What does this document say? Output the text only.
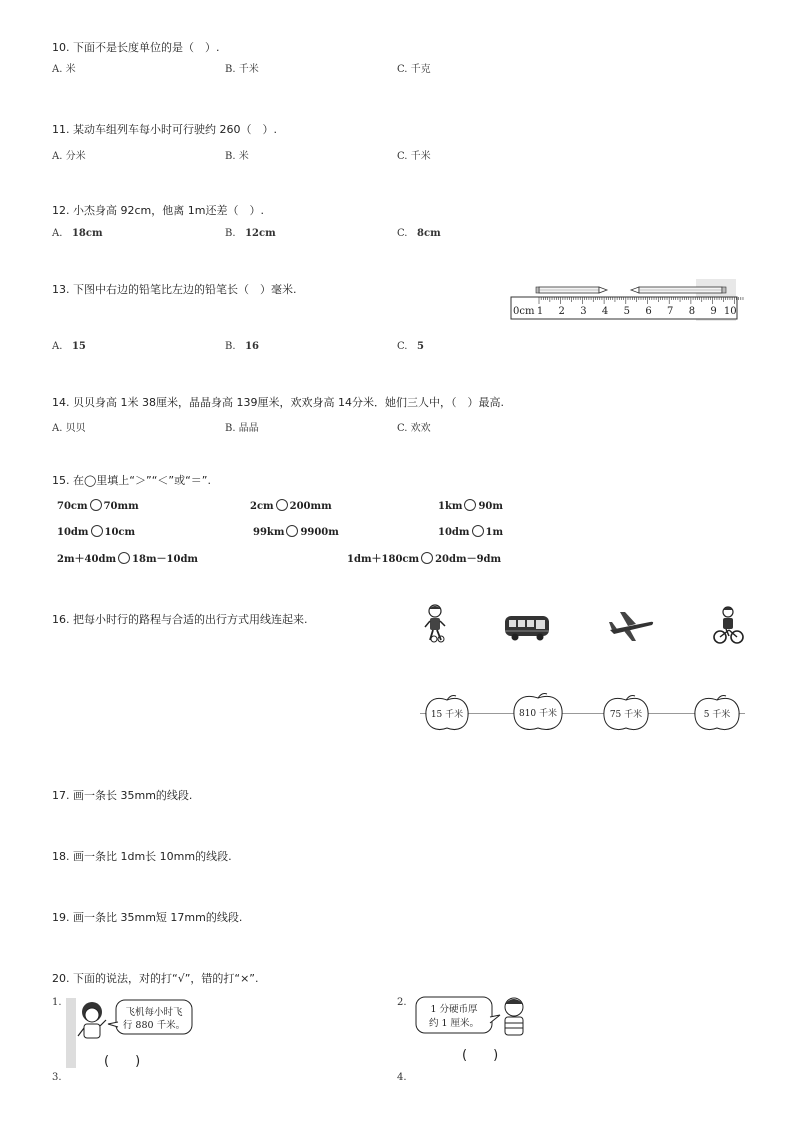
10. 下面不是长度单位的是（　）.
A. 米	B. 千米	C. 千克
11. 某动车组列车每小时可行驶约 260（　）.
A. 分米	B. 米	C. 千米
12. 小杰身高 92cm，他离 1m还差（　）.
A. 18cm	B. 12cm	C. 8cm
13. 下图中右边的铅笔比左边的铅笔长（　）毫米.
0cm 1 2 3 4 5 6 7 8 9 10
A. 15	B. 16	C. 5
14. 贝贝身高 1米 38厘米，晶晶身高 139厘米，欢欢身高 14分米．她们三人中，（　）最高.
A. 贝贝	B. 晶晶	C. 欢欢
15. 在◯里填上“＞”“＜”或“＝”.
70cm 70mm	2cm 200mm	1km 90m
10dm 10cm	99km 9900m	10dm 1m
2m＋40dm 18m－10dm	1dm＋180cm 20dm－9dm
16. 把每小时行的路程与合适的出行方式用线连起来.
15 千米	810 千米	75 千米	5 千米
17. 画一条长 35mm的线段.
18. 画一条比 1dm长 10mm的线段.
19. 画一条比 35mm短 17mm的线段.
20. 下面的说法，对的打“√”，错的打“×”.
1.
飞机每小时飞
行 880 千米。
(　　)
2.
1 分硬币厚
约 1 厘米。
(　　)
3.	4.
